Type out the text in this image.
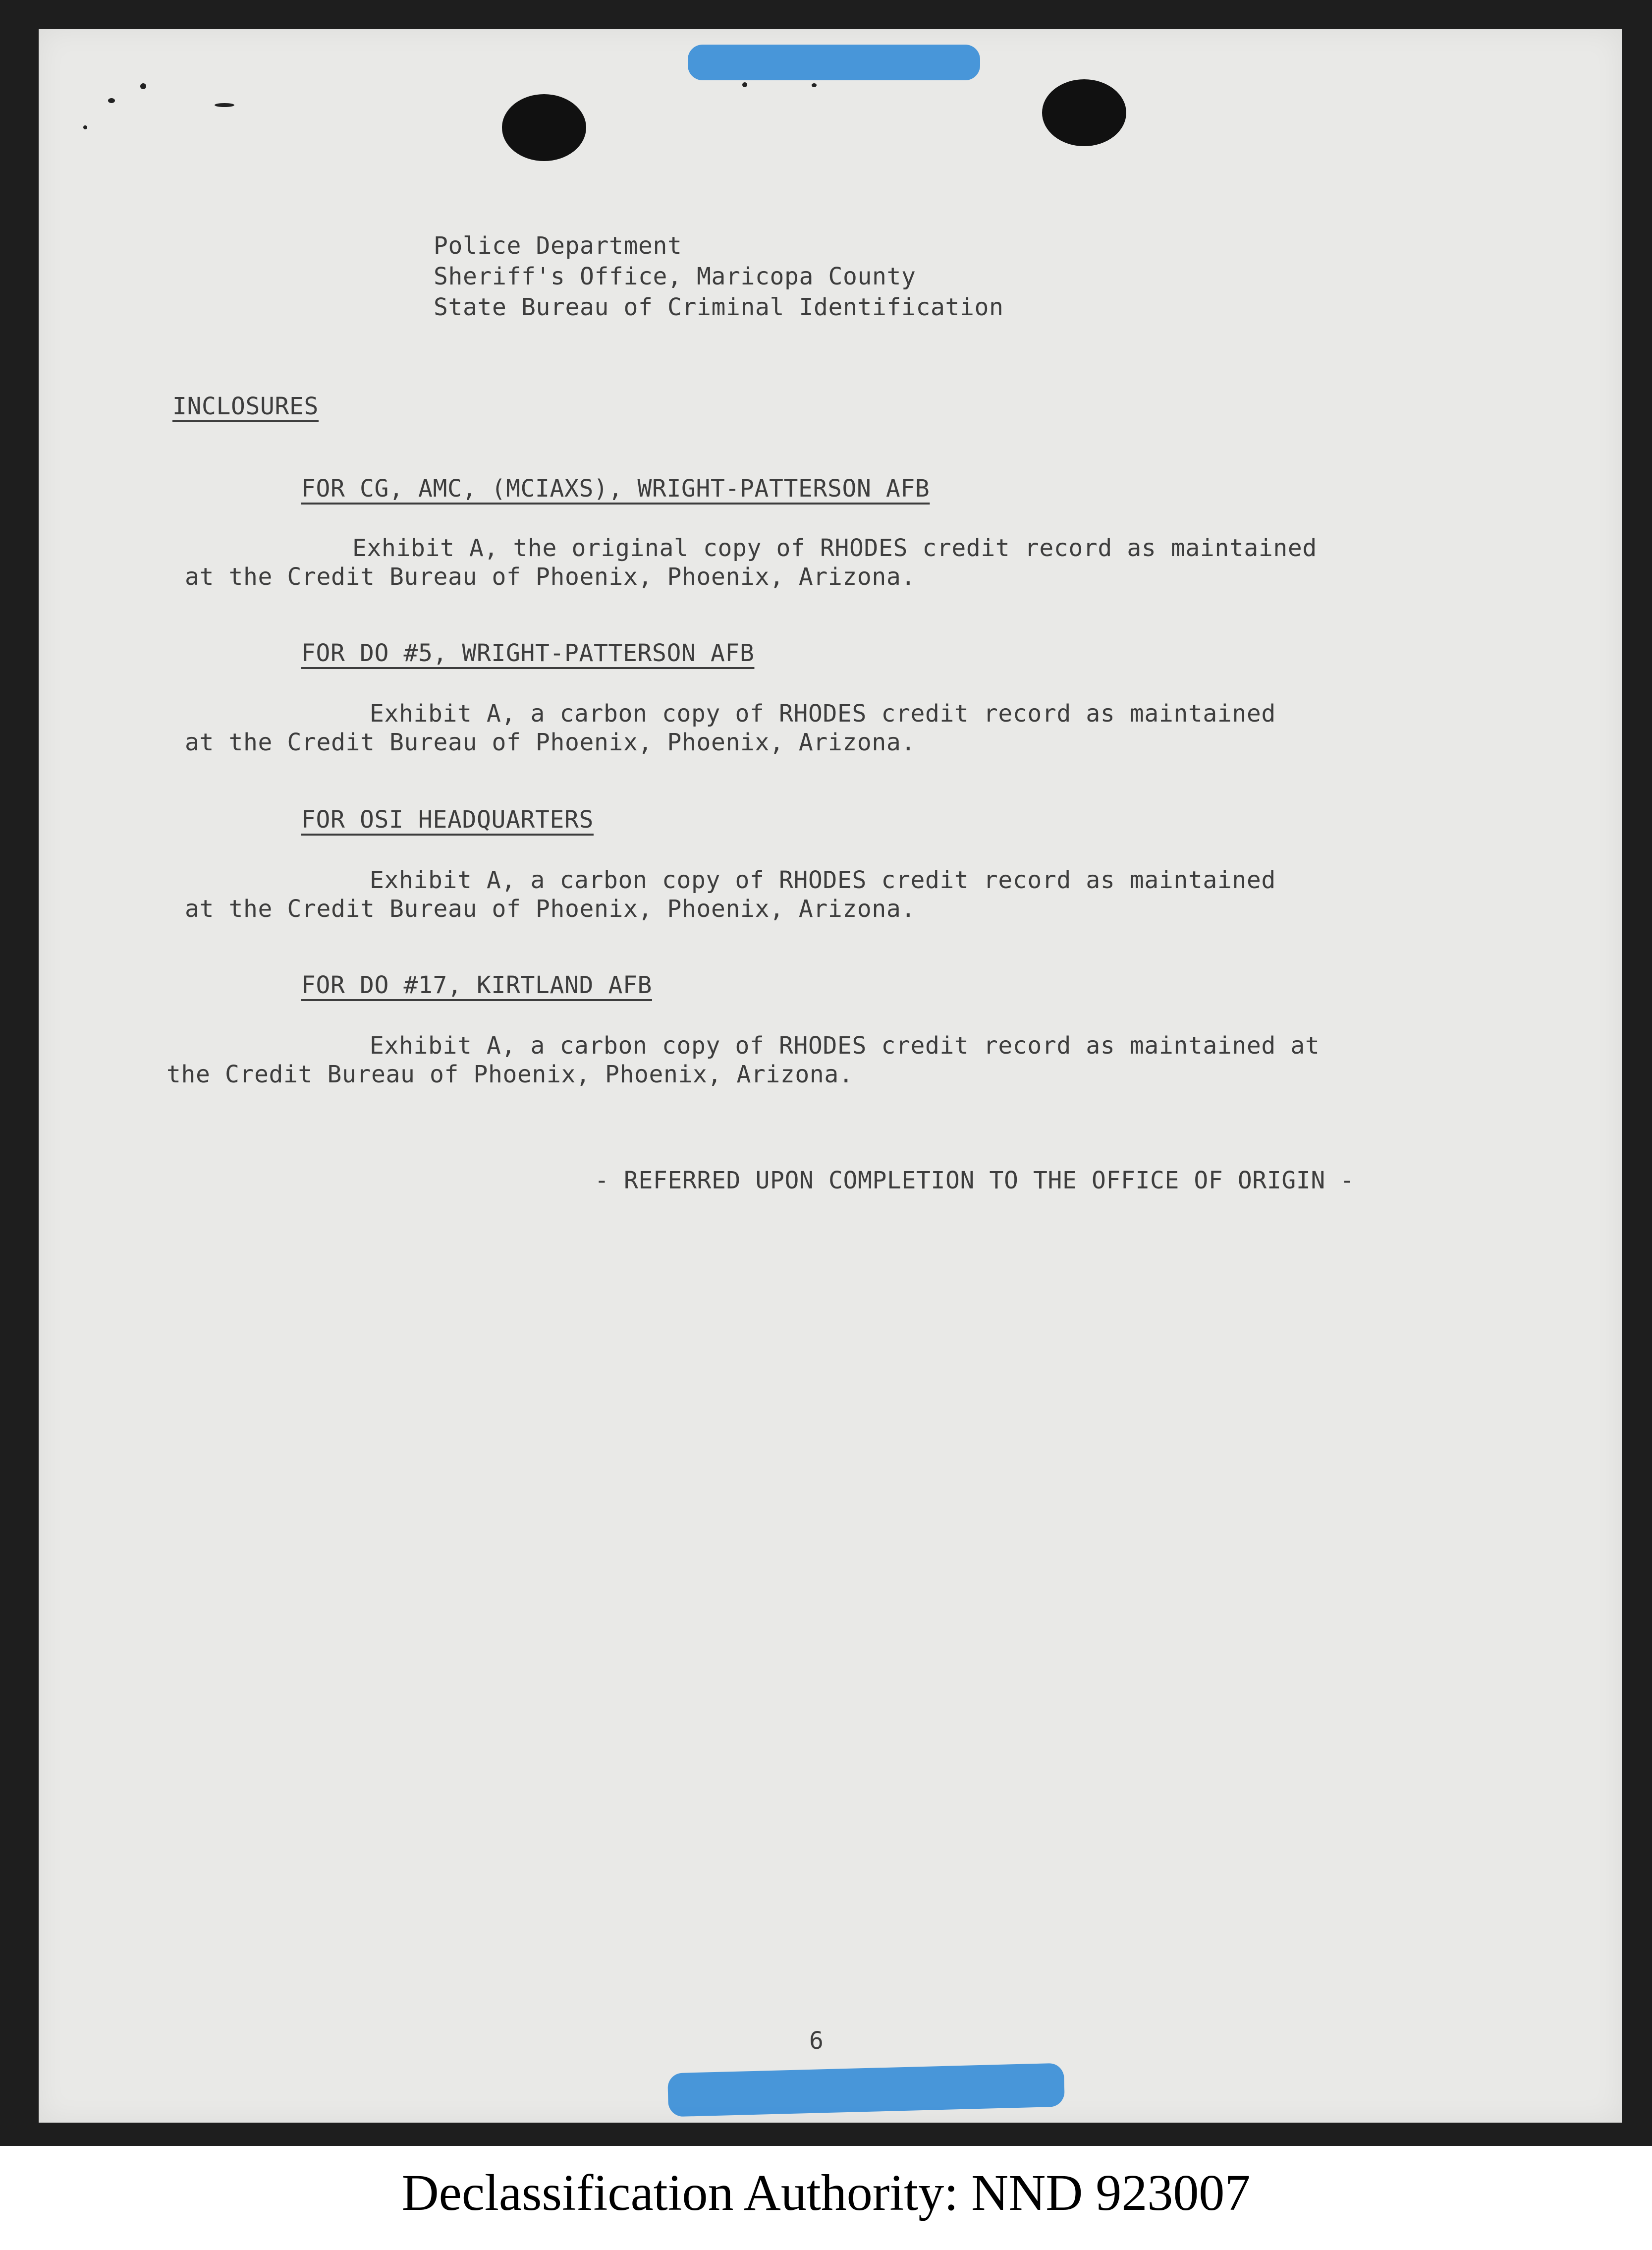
Police Department

Sheriff's Office, Maricopa County

State Bureau of Criminal Identification

INCLOSURES

FOR CG, AMC, (MCIAXS), WRIGHT-PATTERSON AFB

Exhibit A, the original copy of RHODES credit record as maintained

at the Credit Bureau of Phoenix, Phoenix, Arizona.

FOR DO #5, WRIGHT-PATTERSON AFB

Exhibit A, a carbon copy of RHODES credit record as maintained

at the Credit Bureau of Phoenix, Phoenix, Arizona.

FOR OSI HEADQUARTERS

Exhibit A, a carbon copy of RHODES credit record as maintained

at the Credit Bureau of Phoenix, Phoenix, Arizona.

FOR DO #17, KIRTLAND AFB

Exhibit A, a carbon copy of RHODES credit record as maintained at

the Credit Bureau of Phoenix, Phoenix, Arizona.

- REFERRED UPON COMPLETION TO THE OFFICE OF ORIGIN -

6

Declassification Authority: NND 923007
